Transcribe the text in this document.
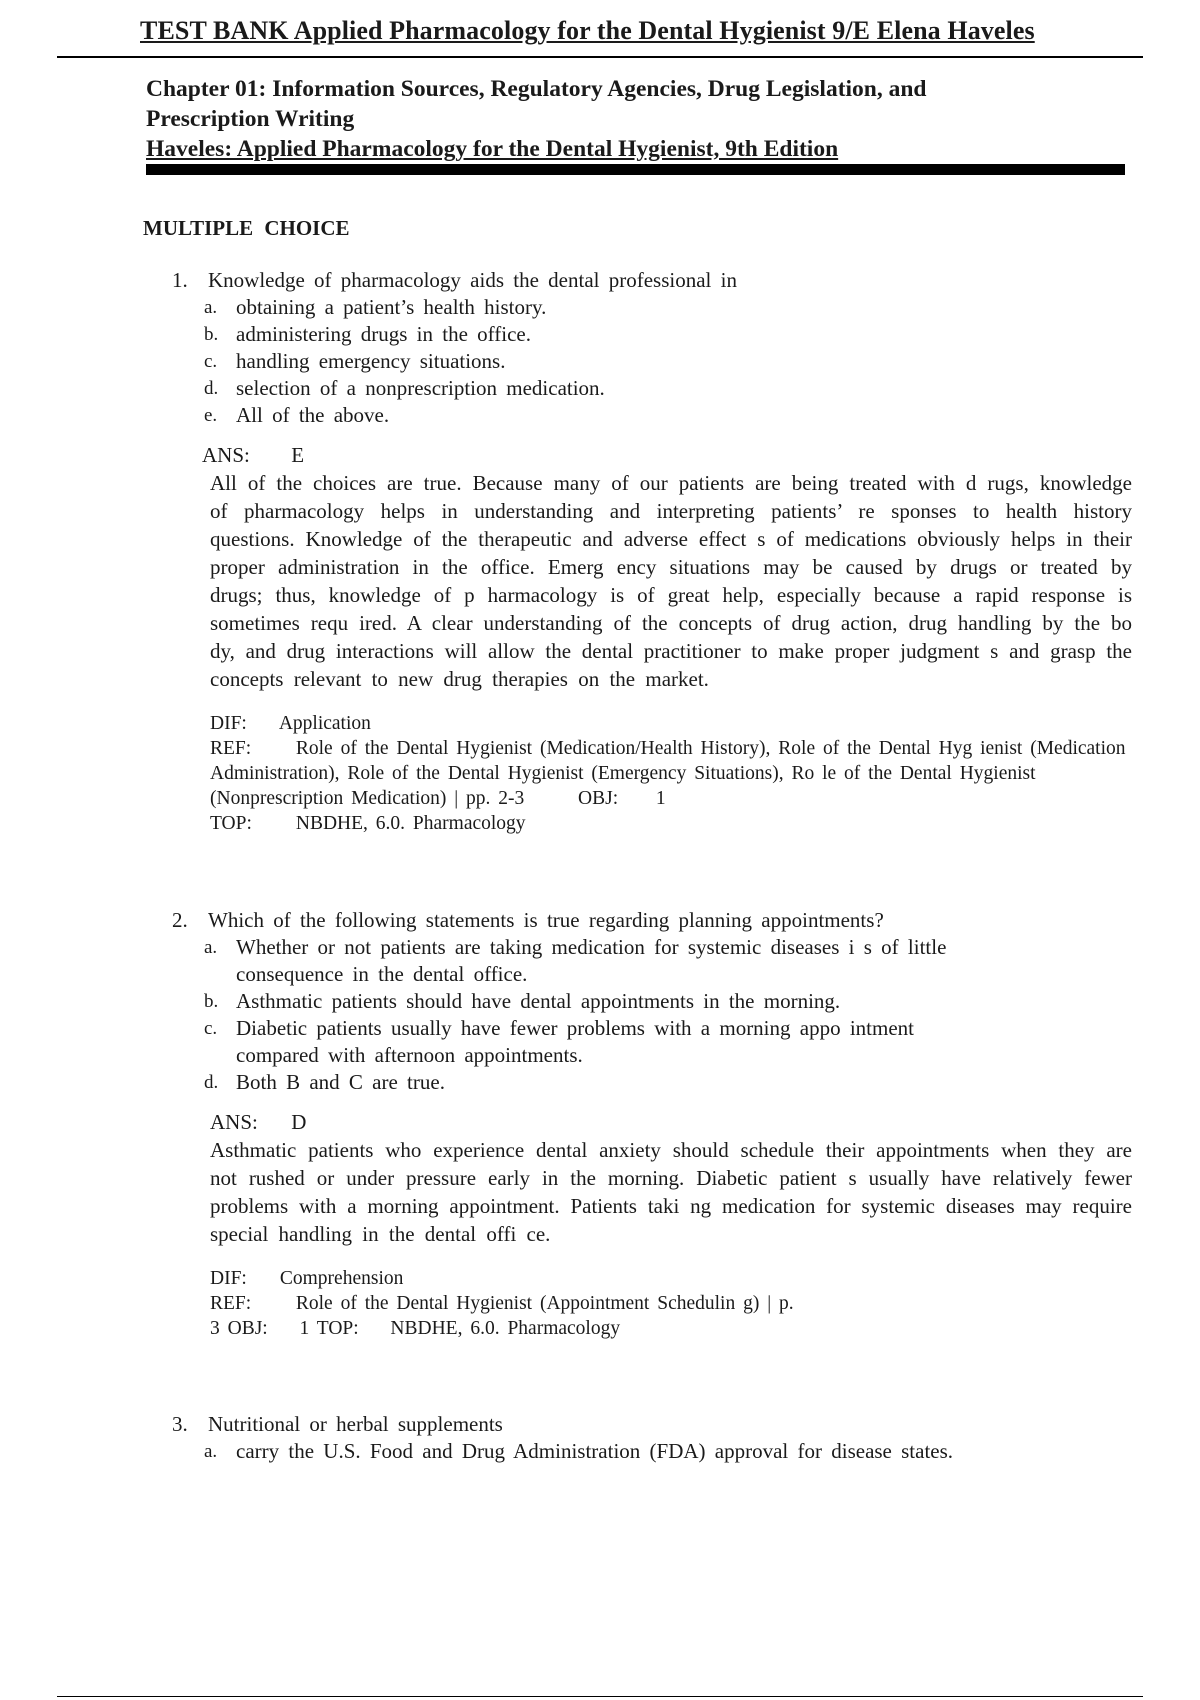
TEST BANK Applied Pharmacology for the Dental Hygienist 9/E Elena Haveles
Chapter 01: Information Sources, Regulatory Agencies, Drug Legislation, and
Prescription Writing
Haveles: Applied Pharmacology for the Dental Hygienist, 9th Edition
MULTIPLE CHOICE
1. Knowledge of pharmacology aids the dental professional in
a. obtaining a patient’s health history.
b. administering drugs in the office.
c. handling emergency situations.
d. selection of a nonprescription medication.
e. All of the above.
ANS: E
All of the choices are true. Because many of our patients are being treated with d rugs, knowledge of pharmacology helps in understanding and interpreting patients’ re sponses to health history questions. Knowledge of the therapeutic and adverse effect s of medications obviously helps in their proper administration in the office. Emerg ency situations may be caused by drugs or treated by drugs; thus, knowledge of p harmacology is of great help, especially because a rapid response is sometimes requ ired. A clear understanding of the concepts of drug action, drug handling by the bo dy, and drug interactions will allow the dental practitioner to make proper judgment s and grasp the concepts relevant to new drug therapies on the market.
DIF: Application
REF: Role of the Dental Hygienist (Medication/Health History), Role of the Dental Hyg ienist (Medication Administration), Role of the Dental Hygienist (Emergency Situations), Ro le of the Dental Hygienist (Nonprescription Medication) | pp. 2-3	OBJ: 1
TOP: NBDHE, 6.0. Pharmacology
2. Which of the following statements is true regarding planning appointments?
a. Whether or not patients are taking medication for systemic diseases i s of little consequence in the dental office.
b. Asthmatic patients should have dental appointments in the morning.
c. Diabetic patients usually have fewer problems with a morning appo intment compared with afternoon appointments.
d. Both B and C are true.
ANS: D
Asthmatic patients who experience dental anxiety should schedule their appointments when they are not rushed or under pressure early in the morning. Diabetic patient s usually have relatively fewer problems with a morning appointment. Patients taki ng medication for systemic diseases may require special handling in the dental offi ce.
DIF: Comprehension
REF: Role of the Dental Hygienist (Appointment Schedulin g) | p. 3 OBJ: 1 TOP: NBDHE, 6.0. Pharmacology
3. Nutritional or herbal supplements
a. carry the U.S. Food and Drug Administration (FDA) approval for disease states.
